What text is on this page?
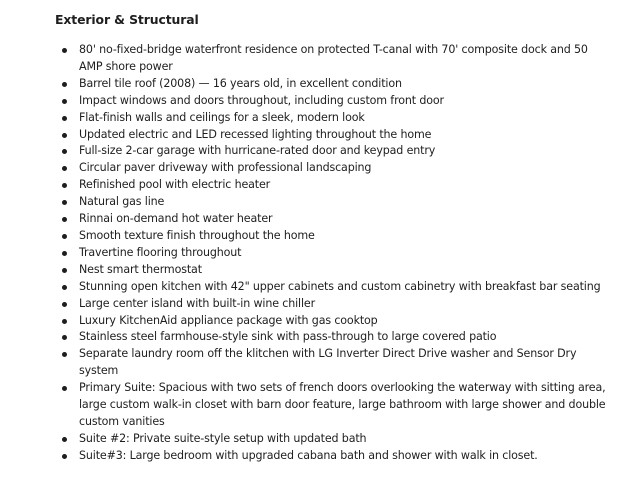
Exterior & Structural
80' no-fixed-bridge waterfront residence on protected T-canal with 70' composite dock and 50 AMP shore power
Barrel tile roof (2008) — 16 years old, in excellent condition
Impact windows and doors throughout, including custom front door
Flat-finish walls and ceilings for a sleek, modern look
Updated electric and LED recessed lighting throughout the home
Full-size 2-car garage with hurricane-rated door and keypad entry
Circular paver driveway with professional landscaping
Refinished pool with electric heater
Natural gas line
Rinnai on-demand hot water heater
Smooth texture finish throughout the home
Travertine flooring throughout
Nest smart thermostat
Stunning open kitchen with 42" upper cabinets and custom cabinetry with breakfast bar seating
Large center island with built-in wine chiller
Luxury KitchenAid appliance package with gas cooktop
Stainless steel farmhouse-style sink with pass-through to large covered patio
Separate laundry room off the klitchen with LG Inverter Direct Drive washer and Sensor Dry system
Primary Suite: Spacious with two sets of french doors overlooking the waterway with sitting area, large custom walk-in closet with barn door feature, large bathroom with large shower and double custom vanities
Suite #2: Private suite-style setup with updated bath
Suite#3: Large bedroom with upgraded cabana bath and shower with walk in closet.
